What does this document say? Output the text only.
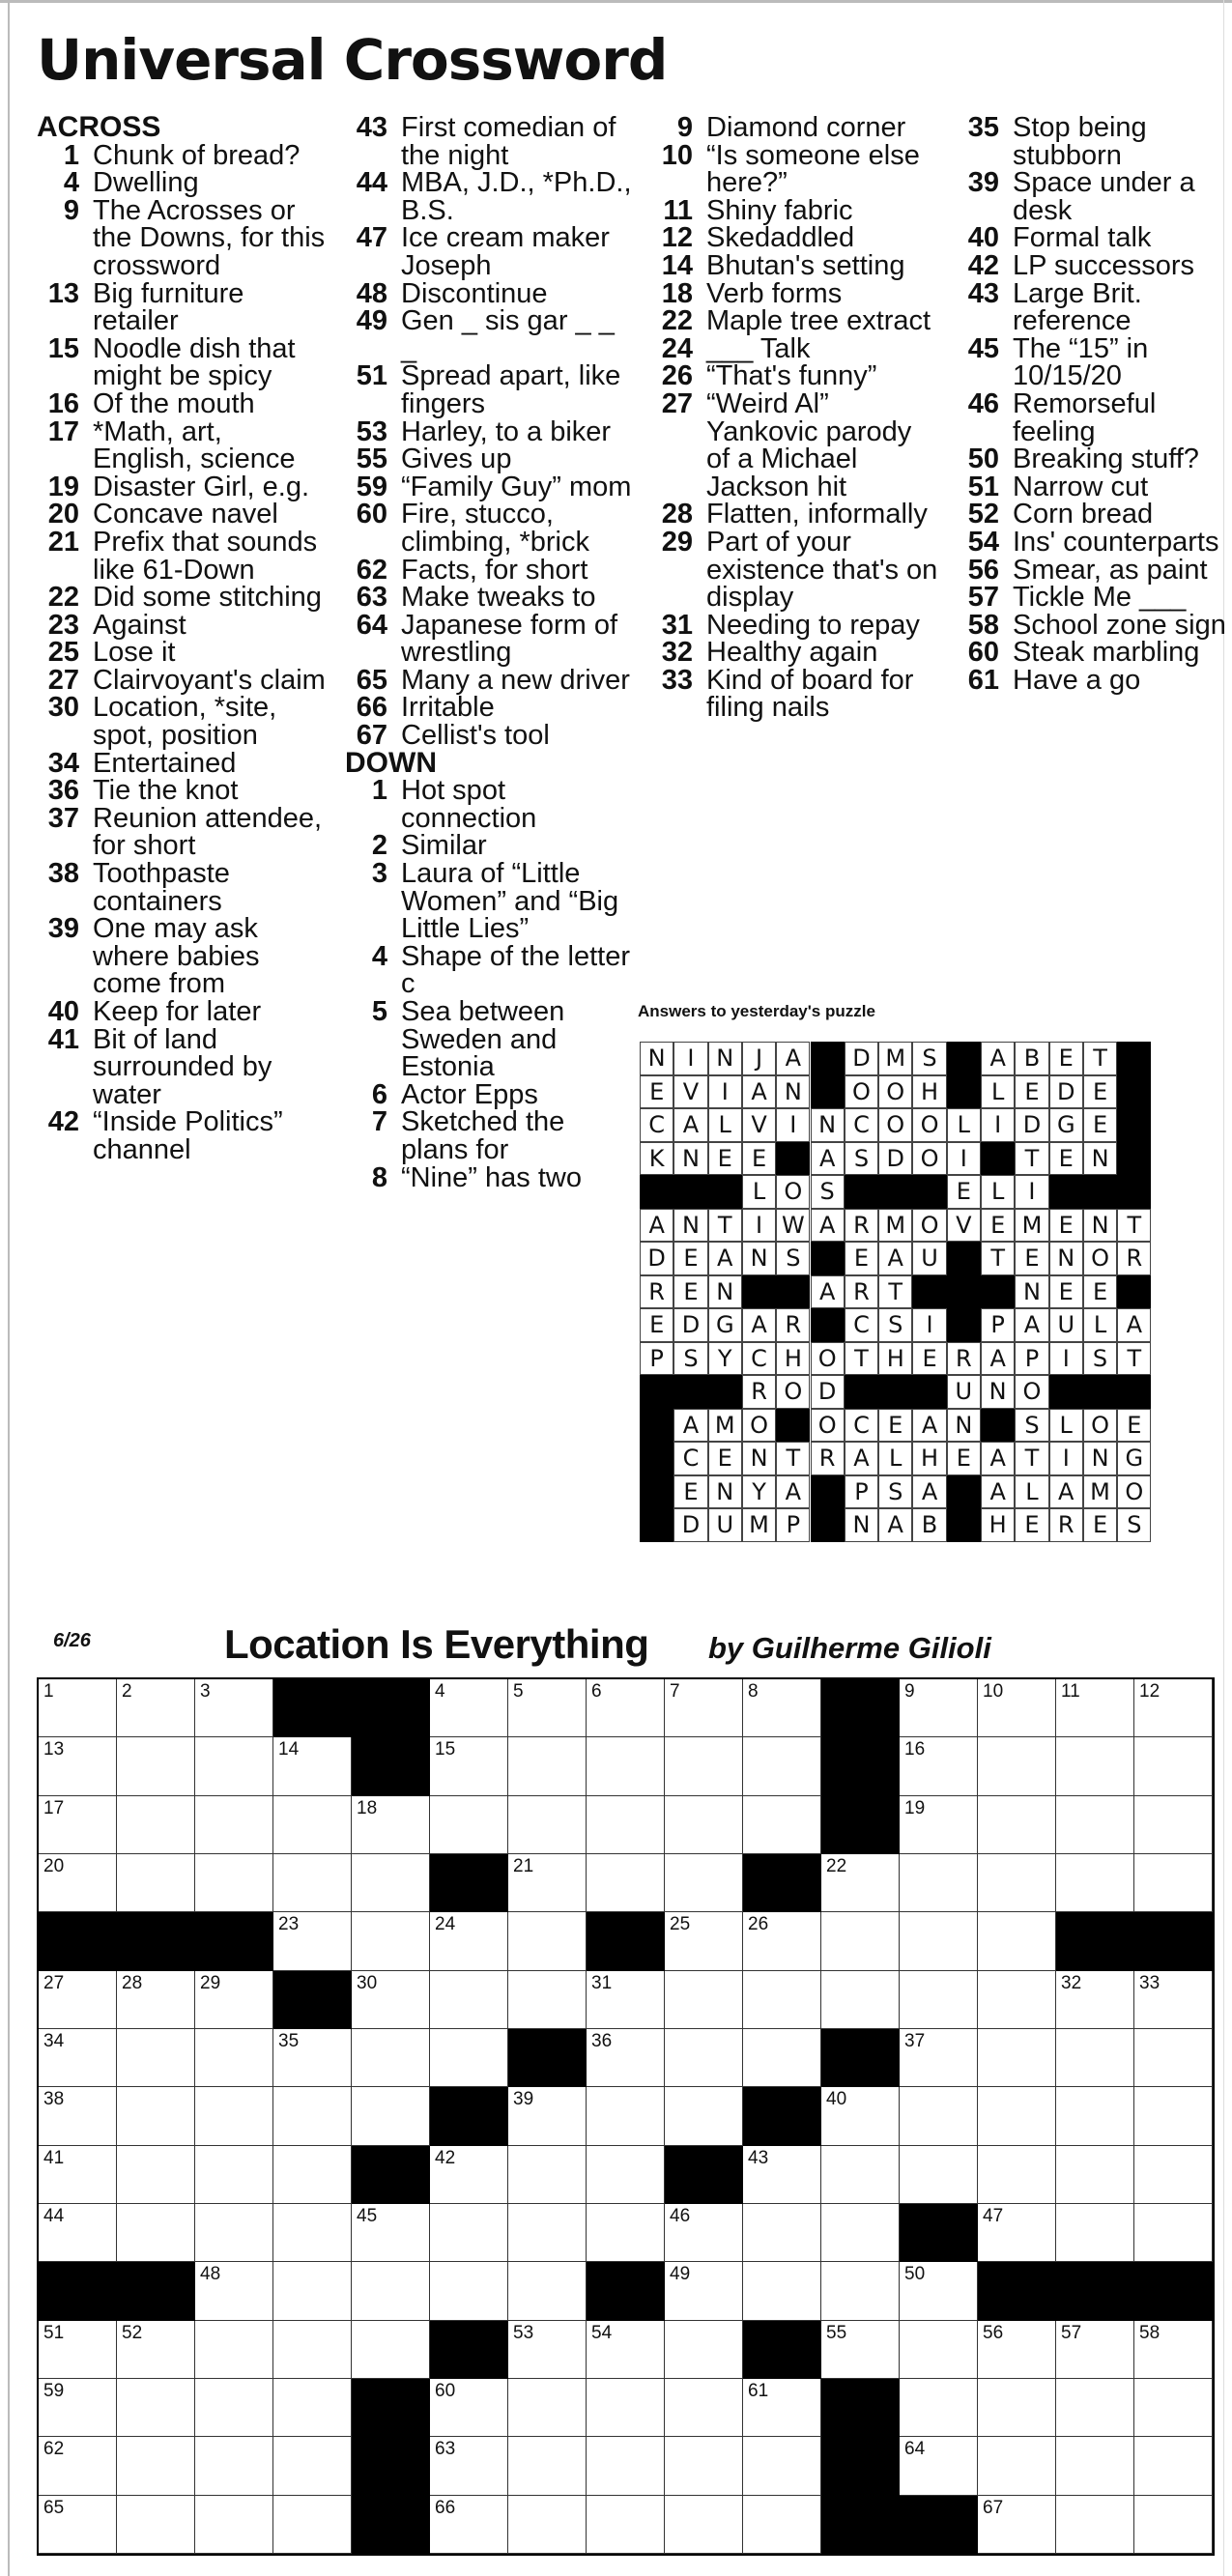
Universal Crossword
ACROSS
1 Chunk of bread?
4 Dwelling
9 The Acrosses or the Downs, for this crossword
13 Big furniture retailer
15 Noodle dish that might be spicy
16 Of the mouth
17 *Math, art, English, science
19 Disaster Girl, e.g.
20 Concave navel
21 Prefix that sounds like 61-Down
22 Did some stitching
23 Against
25 Lose it
27 Clairvoyant's claim
30 Location, *site, spot, position
34 Entertained
36 Tie the knot
37 Reunion attendee, for short
38 Toothpaste containers
39 One may ask where babies come from
40 Keep for later
41 Bit of land surrounded by water
42 “Inside Politics” channel
43 First comedian of the night
44 MBA, J.D., *Ph.D., B.S.
47 Ice cream maker Joseph
48 Discontinue
49 Gen _ sis gar _ _ _
51 Spread apart, like fingers
53 Harley, to a biker
55 Gives up
59 “Family Guy” mom
60 Fire, stucco, climbing, *brick
62 Facts, for short
63 Make tweaks to
64 Japanese form of wrestling
65 Many a new driver
66 Irritable
67 Cellist's tool
DOWN
1 Hot spot connection
2 Similar
3 Laura of “Little Women” and “Big Little Lies”
4 Shape of the letter c
5 Sea between Sweden and Estonia
6 Actor Epps
7 Sketched the plans for
8 “Nine” has two
9 Diamond corner
10 “Is someone else here?”
11 Shiny fabric
12 Skedaddled
14 Bhutan's setting
18 Verb forms
22 Maple tree extract
24 ___ Talk
26 “That's funny”
27 “Weird Al” Yankovic parody of a Michael Jackson hit
28 Flatten, informally
29 Part of your existence that's on display
31 Needing to repay
32 Healthy again
33 Kind of board for filing nails
35 Stop being stubborn
39 Space under a desk
40 Formal talk
42 LP successors
43 Large Brit. reference
45 The “15” in 10/15/20
46 Remorseful feeling
50 Breaking stuff?
51 Narrow cut
52 Corn bread
54 Ins' counterparts
56 Smear, as paint
57 Tickle Me ___
58 School zone sign
60 Steak marbling
61 Have a go

Answers to yesterday's puzzle

N I N J A	D M S	A B E T
E V I A N	O O H	L E D E
C A L V I N C O O L	I D G E
K N E E	A S D O I	T E N
L O S	E L	I
A N T	I W A R M O V E M E N T
D E A N S	E A U	T E N O R
R E N	A R T	N E E
E D G A R	C S	I	P A U L A
P S Y C H O T H E R A P	I	S T
R O D	U N O
A M O	O C E A N	S L O E
C E N T R A L H E A T	I N G
E N Y A	P S A	A L A M O
D U M P	N A B	H E R E S
6/26	Location Is Everything by Guilherme Gilioli
1	2	3	4	5	6	7	8	9	10	11	12
13	14	15	16
17	18	19
20	21	22
23	24	25	26
27	28	29	30	31	32	33
34	35	36	37
38	39	40
41	42	43
44	45	46	47
48	49	50
51	52	53	54	55	56	57	58
59	60	61
62	63	64
65	66	67
